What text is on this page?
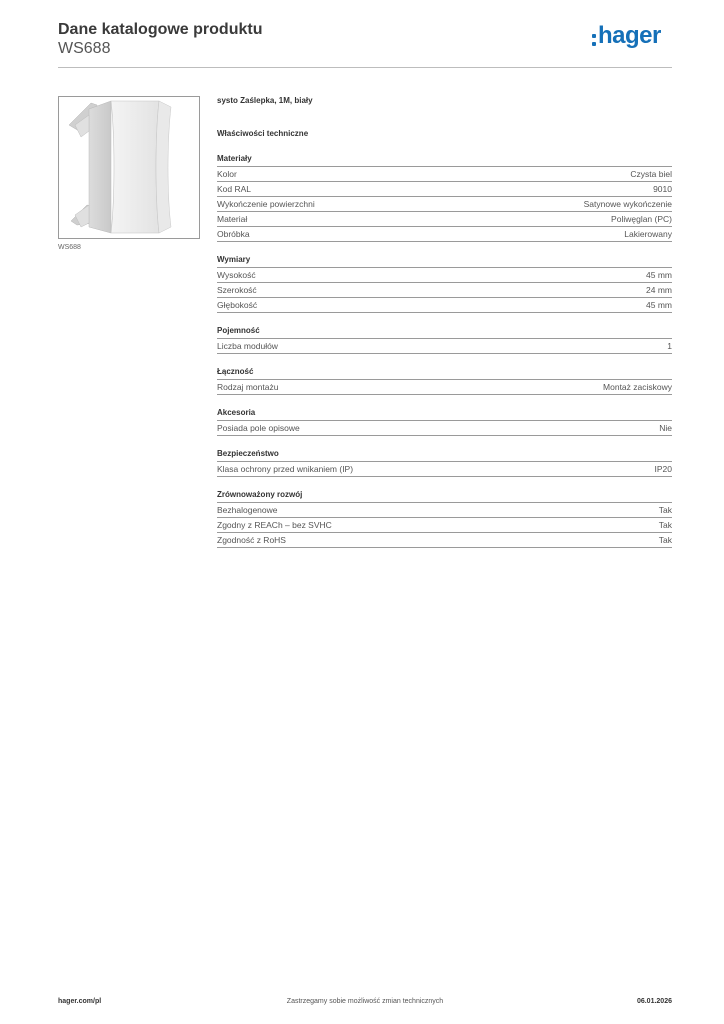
Dane katalogowe produktu
WS688	hager
WS688
systo Zaślepka, 1M, biały
Właściwości techniczne
Materiały
Kolor	Czysta biel
Kod RAL	9010
Wykończenie powierzchni	Satynowe wykończenie
Materiał	Poliwęglan (PC)
Obróbka	Lakierowany
Wymiary
Wysokość	45 mm
Szerokość	24 mm
Głębokość	45 mm
Pojemność
Liczba modułów	1
Łączność
Rodzaj montażu	Montaż zaciskowy
Akcesoria
Posiada pole opisowe	Nie
Bezpieczeństwo
Klasa ochrony przed wnikaniem (IP)	IP20
Zrównoważony rozwój
Bezhalogenowe	Tak
Zgodny z REACh – bez SVHC	Tak
Zgodność z RoHS	Tak
hager.com/pl	Zastrzegamy sobie możliwość zmian technicznych	06.01.2026
